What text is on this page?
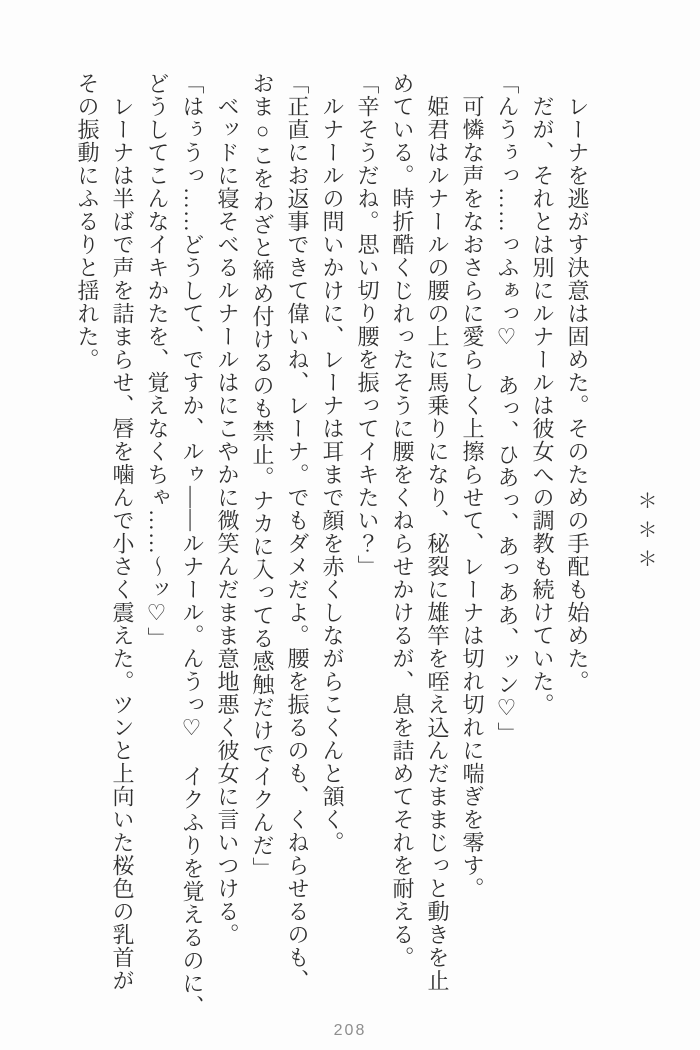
＊＊＊
　レーナを逃がす決意は固めた。そのための手配も始めた。
　だが、それとは別にルナールは彼女への調教も続けていた。
「んうぅっ……っふぁっ♡　あっ、ひあっ、あっああ、ッン♡」
　可憐な声をなおさらに愛らしく上擦らせて、レーナは切れ切れに喘ぎを零す。
　姫君はルナールの腰の上に馬乗りになり、秘裂に雄竿を咥え込んだままじっと動きを止
めている。時折酷くじれったそうに腰をくねらせかけるが、息を詰めてそれを耐える。
「辛そうだね。思い切り腰を振ってイキたい？」
　ルナールの問いかけに、レーナは耳まで顔を赤くしながらこくんと頷く。
「正直にお返事できて偉いね、レーナ。でもダメだよ。腰を振るのも、くねらせるのも、
おま○こをわざと締め付けるのも禁止。ナカに入ってる感触だけでイクんだ」
　ベッドに寝そべるルナールはにこやかに微笑んだまま意地悪く彼女に言いつける。
「はぅうっ……どうして、ですか、ルゥ――ルナール。んうっ♡　イクふりを覚えるのに、
どうしてこんなイキかたを、覚えなくちゃ……〜ッ♡」
　レーナは半ばで声を詰まらせ、唇を噛んで小さく震えた。ツンと上向いた桜色の乳首が
その振動にふるりと揺れた。
208
